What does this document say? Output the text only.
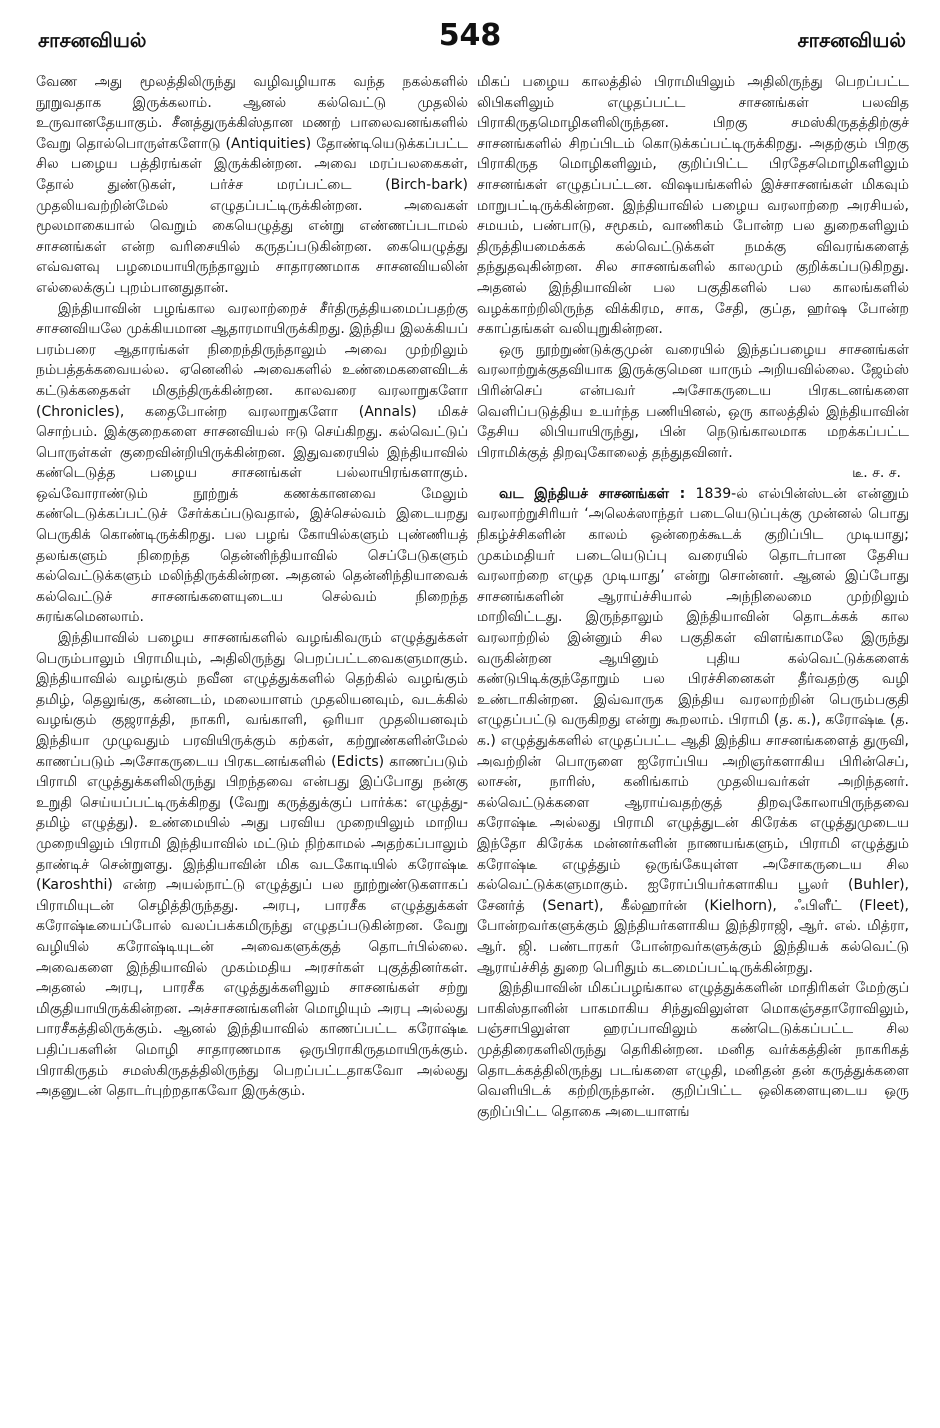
சாசனவியல்	548	சாசனவியல்

வேண அது மூலத்திலிருந்து வழிவழியாக வந்த நகல்களில் நூறுவதாக இருக்கலாம். ஆனல் கல்வெட்டு முதலில் உருவானதேயாகும். சீனத்துருக்கிஸ்தான மணற் பாலைவனங்களில் வேறு தொல்பொருள்களோடு (Antiquities) தோண்டியெடுக்கப்பட்ட சில பழைய பத்திரங்கள் இருக்கின்றன. அவை மரப்பலகைகள், தோல் துண்டுகள், பர்ச்ச மரப்பட்டை (Birch-bark) முதலியவற்றின்மேல் எழுதப்பட்டிருக்கின்றன. அவைகள் மூலமாகையால் வெறும் கையெழுத்து என்று எண்ணப்படாமல் சாசனங்கள் என்ற வரிசையில் கருதப்படுகின்றன. கையெழுத்து எவ்வளவு பழமையாயிருந்தாலும் சாதாரணமாக சாசனவியலின் எல்லைக்குப் புறம்பானதுதான்.

இந்தியாவின் பழங்கால வரலாற்றைச் சீர்திருத்தியமைப்பதற்கு சாசனவியலே முக்கியமான ஆதாரமாயிருக்கிறது. இந்திய இலக்கியப் பரம்பரை ஆதாரங்கள் நிறைந்திருந்தாலும் அவை முற்றிலும் நம்பத்தக்கவையல்ல. ஏனெனில் அவைகளில் உண்மைகளைவிடக் கட்டுக்கதைகள் மிகுந்திருக்கின்றன. காலவரை வரலாறுகளோ (Chronicles), கதைபோன்ற வரலாறுகளோ (Annals) மிகச் சொற்பம். இக்குறைகளை சாசனவியல் ஈடு செய்கிறது. கல்வெட்டுப் பொருள்கள் குறைவின்றியிருக்கின்றன. இதுவரையில் இந்தியாவில் கண்டெடுத்த பழைய சாசனங்கள் பல்லாயிரங்களாகும். ஒவ்வோராண்டும் நூற்றுக் கணக்கானவை மேலும் கண்டெடுக்கப்பட்டுச் சேர்க்கப்படுவதால், இச்செல்வம் இடையறது பெருகிக் கொண்டிருக்கிறது. பல பழங் கோயில்களும் புண்ணியத் தலங்களும் நிறைந்த தென்னிந்தியாவில் செப்பேடுகளும் கல்வெட்டுக்களும் மலிந்திருக்கின்றன. அதனல் தென்னிந்தியாவைக் கல்வெட்டுச் சாசனங்களையுடைய செல்வம் நிறைந்த சுரங்கமெனலாம்.

இந்தியாவில் பழைய சாசனங்களில் வழங்கிவரும் எழுத்துக்கள் பெரும்பாலும் பிராமியும், அதிலிருந்து பெறப்பட்டவைகளுமாகும். இந்தியாவில் வழங்கும் நவீன எழுத்துக்களில் தெற்கில் வழங்கும் தமிழ், தெலுங்கு, கன்னடம், மலையாளம் முதலியனவும், வடக்கில் வழங்கும் குஜராத்தி, நாகரி, வங்காளி, ஒரியா முதலியனவும் இந்தியா முழுவதும் பரவியிருக்கும் கற்கள், கற்றூண்களின்மேல் காணப்படும் அசோகருடைய பிரகடனங்களில் (Edicts) காணப்படும் பிராமி எழுத்துக்களிலிருந்து பிறந்தவை என்பது இப்போது நன்கு உறுதி செய்யப்பட்டிருக்கிறது (வேறு கருத்துக்குப் பார்க்க: எழுத்து-தமிழ் எழுத்து). உண்மையில் அது பரவிய முறையிலும் மாறிய முறையிலும் பிராமி இந்தியாவில் மட்டும் நிற்காமல் அதற்கப்பாலும் தாண்டிச் சென்றுளது. இந்தியாவின் மிக வடகோடியில் கரோஷ்டீ (Karoshthi) என்ற அயல்நாட்டு எழுத்துப் பல நூற்றுண்டுகளாகப் பிராமியுடன் செழித்திருந்தது. அரபு, பாரசீக எழுத்துக்கள் கரோஷ்டீயைப்போல் வலப்பக்கமிருந்து எழுதப்படுகின்றன. வேறு வழியில் கரோஷ்டியுடன் அவைகளுக்குத் தொடர்பில்லை. அவைகளை இந்தியாவில் முகம்மதிய அரசர்கள் புகுத்தினர்கள். அதனல் அரபு, பாரசீக எழுத்துக்களிலும் சாசனங்கள் சற்று மிகுதியாயிருக்கின்றன. அச்சாசனங்களின் மொழியும் அரபு அல்லது பாரசீகத்திலிருக்கும். ஆனல் இந்தியாவில் காணப்பட்ட கரோஷ்டீ பதிப்பகளின் மொழி சாதாரணமாக ஒருபிராகிருதமாயிருக்கும். பிராகிருதம் சமஸ்கிருதத்திலிருந்து பெறப்பட்டதாகவோ அல்லது அதனுடன் தொடர்புற்றதாகவோ இருக்கும்.

மிகப் பழைய காலத்தில் பிராமியிலும் அதிலிருந்து பெறப்பட்ட லிபிகளிலும் எழுதப்பட்ட சாசனங்கள் பலவித பிராகிருதமொழிகளிலிருந்தன. பிறகு சமஸ்கிருதத்திற்குச் சாசனங்களில் சிறப்பிடம் கொடுக்கப்பட்டிருக்கிறது. அதற்கும் பிறகு பிராகிருத மொழிகளிலும், குறிப்பிட்ட பிரதேசமொழிகளிலும் சாசனங்கள் எழுதப்பட்டன. விஷயங்களில் இச்சாசனங்கள் மிகவும் மாறுபட்டிருக்கின்றன. இந்தியாவில் பழைய வரலாற்றை அரசியல், சமயம், பண்பாடு, சமூகம், வாணிகம் போன்ற பல துறைகளிலும் திருத்தியமைக்கக் கல்வெட்டுக்கள் நமக்கு விவரங்களைத் தந்துதவுகின்றன. சில சாசனங்களில் காலமும் குறிக்கப்படுகிறது. அதனல் இந்தியாவின் பல பகுதிகளில் பல காலங்களில் வழக்காற்றிலிருந்த விக்கிரம, சாக, சேதி, குப்த, ஹர்ஷ போன்ற சகாப்தங்கள் வலியுறுகின்றன.

ஒரு நூற்றுண்டுக்குமுன் வரையில் இந்தப்பழைய சாசனங்கள் வரலாற்றுக்குதவியாக இருக்குமென யாரும் அறியவில்லை. ஜேம்ஸ் பிரின்செப் என்பவர் அசோகருடைய பிரகடனங்களை வெளிப்படுத்திய உயர்ந்த பணியினல், ஒரு காலத்தில் இந்தியாவின் தேசிய லிபியாயிருந்து, பின் நெடுங்காலமாக மறக்கப்பட்ட பிராமிக்குத் திறவுகோலைத் தந்துதவினர்.

டீ. ச. ச.

வட இந்தியச் சாசனங்கள் : 1839-ல் எல்பின்ஸ்டன் என்னும் வரலாற்றுசிரியர் ‘அலெக்ஸாந்தர் படையெடுப்புக்கு முன்னல் பொது நிகழ்ச்சிகளின் காலம் ஒன்றைக்கூடக் குறிப்பிட முடியாது; முகம்மதியர் படையெடுப்பு வரையில் தொடர்பான தேசிய வரலாற்றை எழுத முடியாது’ என்று சொன்னர். ஆனல் இப்போது சாசனங்களின் ஆராய்ச்சியால் அந்நிலைமை முற்றிலும் மாறிவிட்டது. இருந்தாலும் இந்தியாவின் தொடக்கக் கால வரலாற்றில் இன்னும் சில பகுதிகள் விளங்காமலே இருந்து வருகின்றன ஆயினும் புதிய கல்வெட்டுக்களைக் கண்டுபிடிக்குந்தோறும் பல பிரச்சினைகள் தீர்வதற்கு வழி உண்டாகின்றன. இவ்வாருக இந்திய வரலாற்றின் பெரும்பகுதி எழுதப்பட்டு வருகிறது என்று கூறலாம். பிராமி (த. க.), கரோஷ்டீ (த. க.) எழுத்துக்களில் எழுதப்பட்ட ஆதி இந்திய சாசனங்களைத் துருவி, அவற்றின் பொருளை ஐரோப்பிய அறிஞர்களாகிய பிரின்செப், லாசன், நாரிஸ், கனிங்காம் முதலியவர்கள் அறிந்தனர். கல்வெட்டுக்களை ஆராய்வதற்குத் திறவுகோலாயிருந்தவை கரோஷ்டீ அல்லது பிராமி எழுத்துடன் கிரேக்க எழுத்துமுடைய இந்தோ கிரேக்க மன்னர்களின் நாணயங்களும், பிராமி எழுத்தும் கரோஷ்டீ எழுத்தும் ஒருங்கேயுள்ள அசோகருடைய சில கல்வெட்டுக்களுமாகும். ஐரோப்பியர்களாகிய பூலர் (Buhler), சேனர்த் (Senart), கீல்ஹார்ன் (Kielhorn), ஃபிளீட் (Fleet), போன்றவர்களுக்கும் இந்தியர்களாகிய இந்திராஜி, ஆர். எல். மித்ரா, ஆர். ஜி. பண்டாரகர் போன்றவர்களுக்கும் இந்தியக் கல்வெட்டு ஆராய்ச்சித் துறை பெரிதும் கடமைப்பட்டிருக்கின்றது.

இந்தியாவின் மிகப்பழங்கால எழுத்துக்களின் மாதிரிகள் மேற்குப் பாகிஸ்தானின் பாகமாகிய சிந்துவிலுள்ள மொகஞ்சதாரோவிலும், பஞ்சாபிலுள்ள ஹரப்பாவிலும் கண்டெடுக்கப்பட்ட சில முத்திரைகளிலிருந்து தெரிகின்றன. மனித வர்க்கத்தின் நாகரிகத் தொடக்கத்திலிருந்து படங்களை எழுதி, மனிதன் தன் கருத்துக்களை வெளியிடக் கற்றிருந்தான். குறிப்பிட்ட ஒலிகளையுடைய ஒரு குறிப்பிட்ட தொகை அடையாளங்
